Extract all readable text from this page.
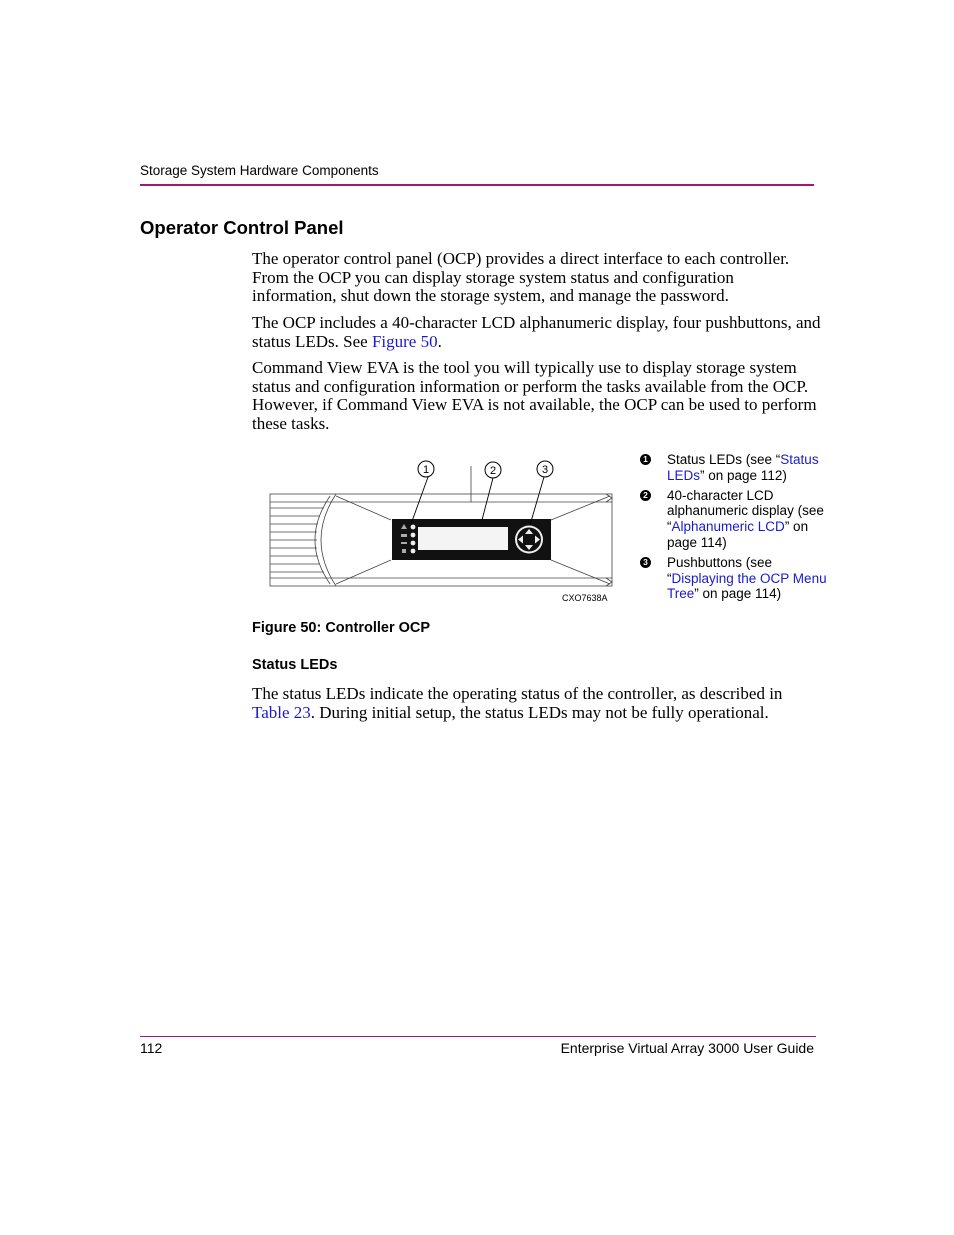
Storage System Hardware Components
Operator Control Panel

The operator control panel (OCP) provides a direct interface to each controller. From the OCP you can display storage system status and configuration information, shut down the storage system, and manage the password.

The OCP includes a 40-character LCD alphanumeric display, four pushbuttons, and status LEDs. See Figure 50.

Command View EVA is the tool you will typically use to display storage system status and configuration information or perform the tasks available from the OCP. However, if Command View EVA is not available, the OCP can be used to perform these tasks.

1	2	3
CXO7638A
1 Status LEDs (see “Status LEDs” on page 112)
2 40-character LCD alphanumeric display (see “Alphanumeric LCD” on page 114)
3 Pushbuttons (see “Displaying the OCP Menu Tree” on page 114)
Figure 50: Controller OCP
Status LEDs

The status LEDs indicate the operating status of the controller, as described in Table 23. During initial setup, the status LEDs may not be fully operational.

112	Enterprise Virtual Array 3000 User Guide
